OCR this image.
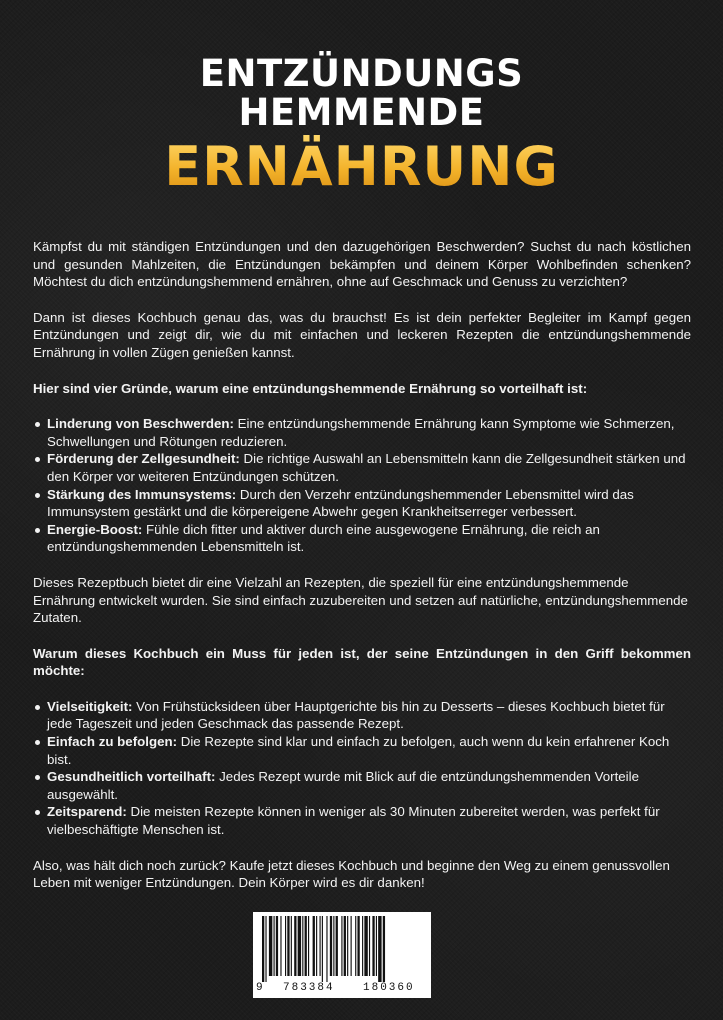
ENTZÜNDUNGS
HEMMENDE
ERNÄHRUNG

Kämpfst du mit ständigen Entzündungen und den dazugehörigen Beschwerden? Suchst du nach köstlichen und gesunden Mahlzeiten, die Entzündungen bekämpfen und deinem Körper Wohlbefinden schenken? Möchtest du dich entzündungshemmend ernähren, ohne auf Geschmack und Genuss zu verzichten?

Dann ist dieses Kochbuch genau das, was du brauchst! Es ist dein perfekter Begleiter im Kampf gegen Entzündungen und zeigt dir, wie du mit einfachen und leckeren Rezepten die entzündungshemmende Ernährung in vollen Zügen genießen kannst.

Hier sind vier Gründe, warum eine entzündungshemmende Ernährung so vorteilhaft ist:
Linderung von Beschwerden: Eine entzündungshemmende Ernährung kann Symptome wie Schmerzen, Schwellungen und Rötungen reduzieren.
Förderung der Zellgesundheit: Die richtige Auswahl an Lebensmitteln kann die Zellgesundheit stärken und den Körper vor weiteren Entzündungen schützen.
Stärkung des Immunsystems: Durch den Verzehr entzündungshemmender Lebensmittel wird das Immunsystem gestärkt und die körpereigene Abwehr gegen Krankheitserreger verbessert.
Energie-Boost: Fühle dich fitter und aktiver durch eine ausgewogene Ernährung, die reich an entzündungshemmenden Lebensmitteln ist.

Dieses Rezeptbuch bietet dir eine Vielzahl an Rezepten, die speziell für eine entzündungshemmende Ernährung entwickelt wurden. Sie sind einfach zuzubereiten und setzen auf natürliche, entzündungshemmende Zutaten.

Warum dieses Kochbuch ein Muss für jeden ist, der seine Entzündungen in den Griff bekommen möchte:
Vielseitigkeit: Von Frühstücksideen über Hauptgerichte bis hin zu Desserts – dieses Kochbuch bietet für jede Tageszeit und jeden Geschmack das passende Rezept.
Einfach zu befolgen: Die Rezepte sind klar und einfach zu befolgen, auch wenn du kein erfahrener Koch bist.
Gesundheitlich vorteilhaft: Jedes Rezept wurde mit Blick auf die entzündungshemmenden Vorteile ausgewählt.
Zeitsparend: Die meisten Rezepte können in weniger als 30 Minuten zubereitet werden, was perfekt für vielbeschäftigte Menschen ist.

Also, was hält dich noch zurück? Kaufe jetzt dieses Kochbuch und beginne den Weg zu einem genussvollen Leben mit weniger Entzündungen. Dein Körper wird es dir danken!

9 783384	180360
